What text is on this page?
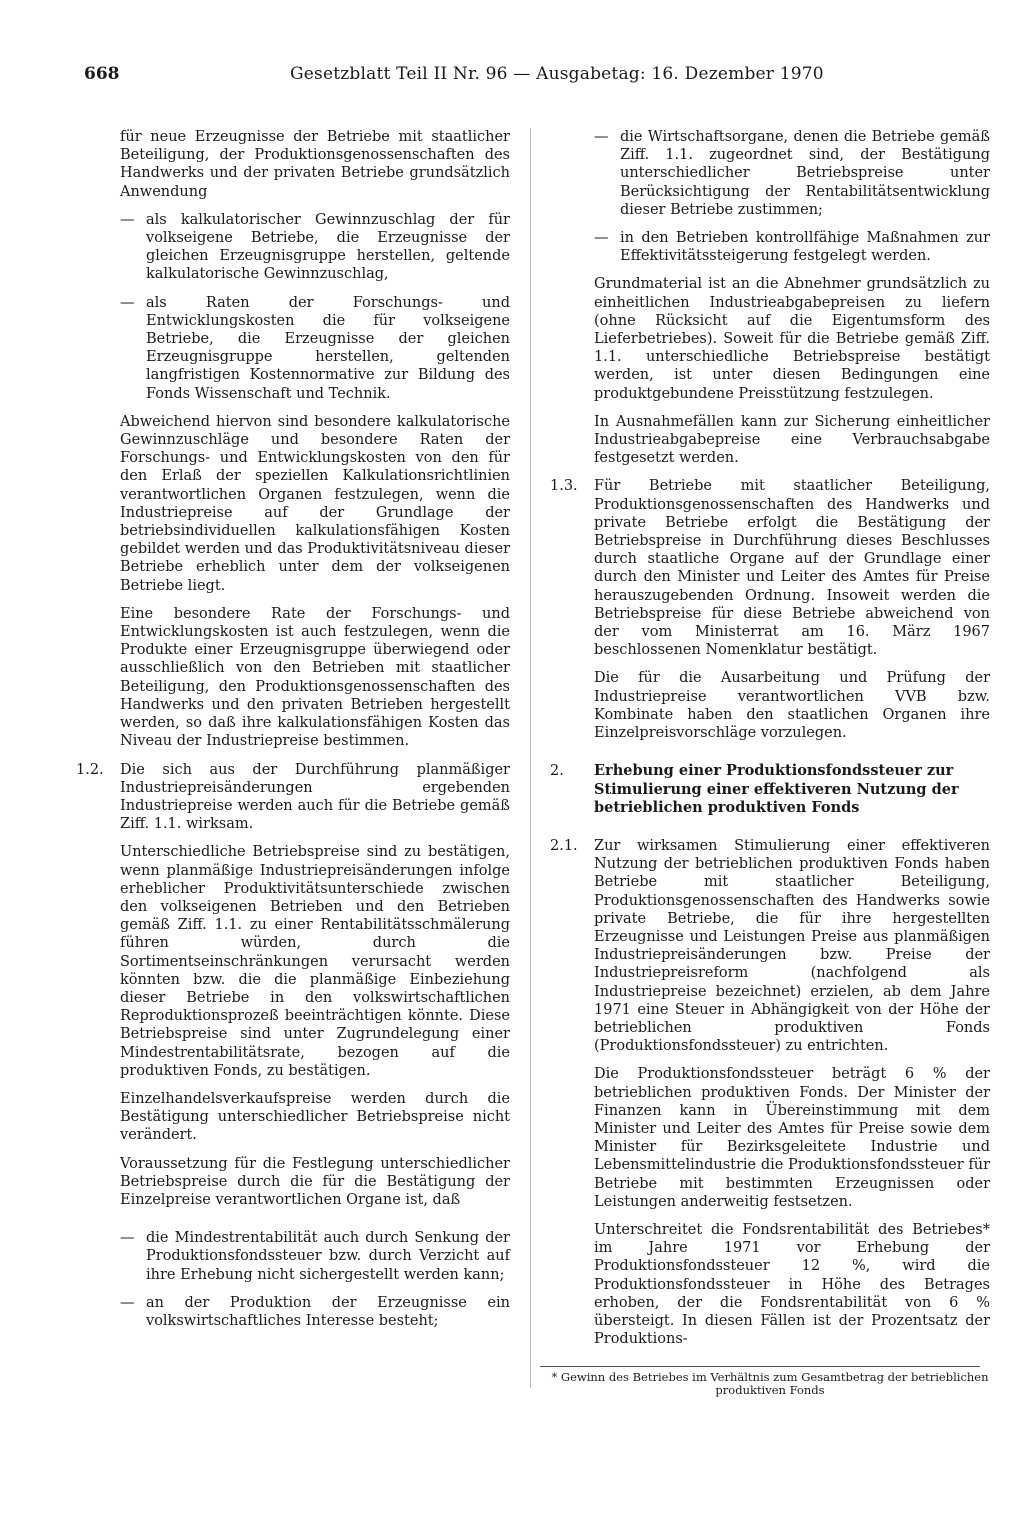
668	Gesetzblatt Teil II Nr. 96 — Ausgabetag: 16. Dezember 1970

für neue Erzeugnisse der Betriebe mit staatlicher Beteiligung, der Produktionsgenossenschaften des Handwerks und der privaten Betriebe grundsätzlich Anwendung

— als kalkulatorischer Gewinnzuschlag der für volkseigene Betriebe, die Erzeugnisse der gleichen Erzeugnisgruppe herstellen, geltende kalkulatorische Gewinnzuschlag,
— als Raten der Forschungs- und Entwicklungskosten die für volkseigene Betriebe, die Erzeugnisse der gleichen Erzeugnisgruppe herstellen, geltenden langfristigen Kostennormative zur Bildung des Fonds Wissenschaft und Technik.

Abweichend hiervon sind besondere kalkulatorische Gewinnzuschläge und besondere Raten der Forschungs- und Entwicklungskosten von den für den Erlaß der speziellen Kalkulationsrichtlinien verantwortlichen Organen festzulegen, wenn die Industriepreise auf der Grundlage der betriebsindividuellen kalkulationsfähigen Kosten gebildet werden und das Produktivitätsniveau dieser Betriebe erheblich unter dem der volkseigenen Betriebe liegt.

Eine besondere Rate der Forschungs- und Entwicklungskosten ist auch festzulegen, wenn die Produkte einer Erzeugnisgruppe überwiegend oder ausschließlich von den Betrieben mit staatlicher Beteiligung, den Produktionsgenossenschaften des Handwerks und den privaten Betrieben hergestellt werden, so daß ihre kalkulationsfähigen Kosten das Niveau der Industriepreise bestimmen.

1.2.	Die sich aus der Durchführung planmäßiger Industriepreisänderungen ergebenden Industriepreise werden auch für die Betriebe gemäß Ziff. 1.1. wirksam.

Unterschiedliche Betriebspreise sind zu bestätigen, wenn planmäßige Industriepreisänderungen infolge erheblicher Produktivitätsunterschiede zwischen den volkseigenen Betrieben und den Betrieben gemäß Ziff. 1.1. zu einer Rentabilitätsschmälerung führen würden, durch die Sortimentseinschränkungen verursacht werden könnten bzw. die die planmäßige Einbeziehung dieser Betriebe in den volkswirtschaftlichen Reproduktionsprozeß beeinträchtigen könnte. Diese Betriebspreise sind unter Zugrundelegung einer Mindestrentabilitätsrate, bezogen auf die produktiven Fonds, zu bestätigen.

Einzelhandelsverkaufspreise werden durch die Bestätigung unterschiedlicher Betriebspreise nicht verändert.

Voraussetzung für die Festlegung unterschiedlicher Betriebspreise durch die für die Bestätigung der Einzelpreise verantwortlichen Organe ist, daß

— die Mindestrentabilität auch durch Senkung der Produktionsfondssteuer bzw. durch Verzicht auf ihre Erhebung nicht sichergestellt werden kann;
— an der Produktion der Erzeugnisse ein volkswirtschaftliches Interesse besteht;
— die Wirtschaftsorgane, denen die Betriebe gemäß Ziff. 1.1. zugeordnet sind, der Bestätigung unterschiedlicher Betriebspreise unter Berücksichtigung der Rentabilitätsentwicklung dieser Betriebe zustimmen;
— in den Betrieben kontrollfähige Maßnahmen zur Effektivitätssteigerung festgelegt werden.

Grundmaterial ist an die Abnehmer grundsätzlich zu einheitlichen Industrieabgabepreisen zu liefern (ohne Rücksicht auf die Eigentumsform des Lieferbetriebes). Soweit für die Betriebe gemäß Ziff. 1.1. unterschiedliche Betriebspreise bestätigt werden, ist unter diesen Bedingungen eine produktgebundene Preisstützung festzulegen.

In Ausnahmefällen kann zur Sicherung einheitlicher Industrieabgabepreise eine Verbrauchsabgabe festgesetzt werden.

1.3.	Für Betriebe mit staatlicher Beteiligung, Produktionsgenossenschaften des Handwerks und private Betriebe erfolgt die Bestätigung der Betriebspreise in Durchführung dieses Beschlusses durch staatliche Organe auf der Grundlage einer durch den Minister und Leiter des Amtes für Preise herauszugebenden Ordnung. Insoweit werden die Betriebspreise für diese Betriebe abweichend von der vom Ministerrat am 16. März 1967 beschlossenen Nomenklatur bestätigt.

Die für die Ausarbeitung und Prüfung der Industriepreise verantwortlichen VVB bzw. Kombinate haben den staatlichen Organen ihre Einzelpreisvorschläge vorzulegen.

2.	Erhebung einer Produktionsfondssteuer zur Stimulierung einer effektiveren Nutzung der betrieblichen produktiven Fonds

2.1.	Zur wirksamen Stimulierung einer effektiveren Nutzung der betrieblichen produktiven Fonds haben Betriebe mit staatlicher Beteiligung, Produktionsgenossenschaften des Handwerks sowie private Betriebe, die für ihre hergestellten Erzeugnisse und Leistungen Preise aus planmäßigen Industriepreisänderungen bzw. Preise der Industriepreisreform (nachfolgend als Industriepreise bezeichnet) erzielen, ab dem Jahre 1971 eine Steuer in Abhängigkeit von der Höhe der betrieblichen produktiven Fonds (Produktionsfondssteuer) zu entrichten.

Die Produktionsfondssteuer beträgt 6 % der betrieblichen produktiven Fonds. Der Minister der Finanzen kann in Übereinstimmung mit dem Minister und Leiter des Amtes für Preise sowie dem Minister für Bezirksgeleitete Industrie und Lebensmittelindustrie die Produktionsfondssteuer für Betriebe mit bestimmten Erzeugnissen oder Leistungen anderweitig festsetzen.

Unterschreitet die Fondsrentabilität des Betriebes* im Jahre 1971 vor Erhebung der Produktionsfondssteuer 12 %, wird die Produktionsfondssteuer in Höhe des Betrages erhoben, der die Fondsrentabilität von 6 % übersteigt. In diesen Fällen ist der Prozentsatz der Produktions-

* Gewinn des Betriebes im Verhältnis zum Gesamtbetrag der betrieblichen produktiven Fonds
